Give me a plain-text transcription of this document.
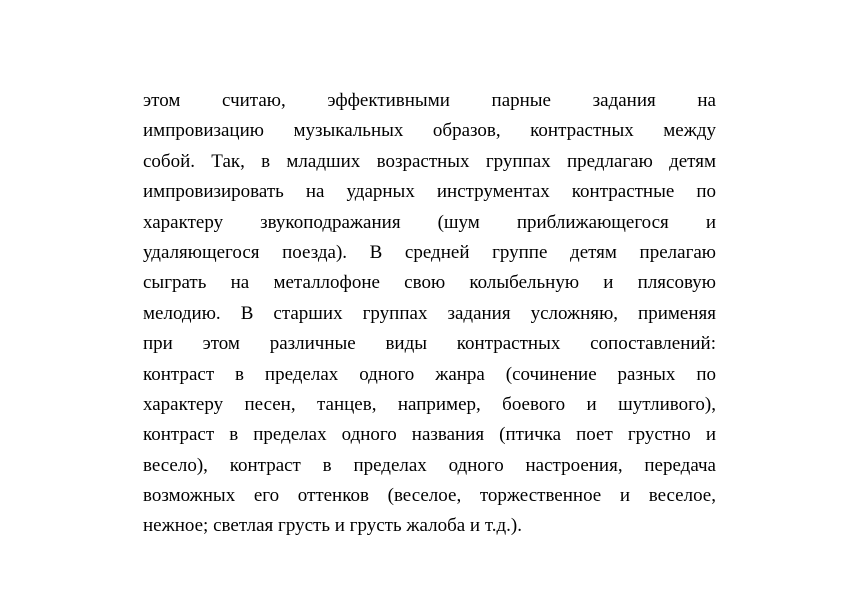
этом считаю, эффективными парные задания на
импровизацию музыкальных образов, контрастных между
собой. Так, в младших возрастных группах предлагаю детям
импровизировать на ударных инструментах контрастные по
характеру звукоподражания (шум приближающегося и
удаляющегося поезда). В средней группе детям прелагаю
сыграть на металлофоне свою колыбельную и плясовую
мелодию. В старших группах задания усложняю, применяя
при этом различные виды контрастных сопоставлений:
контраст в пределах одного жанра (сочинение разных по
характеру песен, танцев, например, боевого и шутливого),
контраст в пределах одного названия (птичка поет грустно и
весело), контраст в пределах одного настроения, передача
возможных его оттенков (веселое, торжественное и веселое,
нежное; светлая грусть и грусть жалоба и т.д.).
